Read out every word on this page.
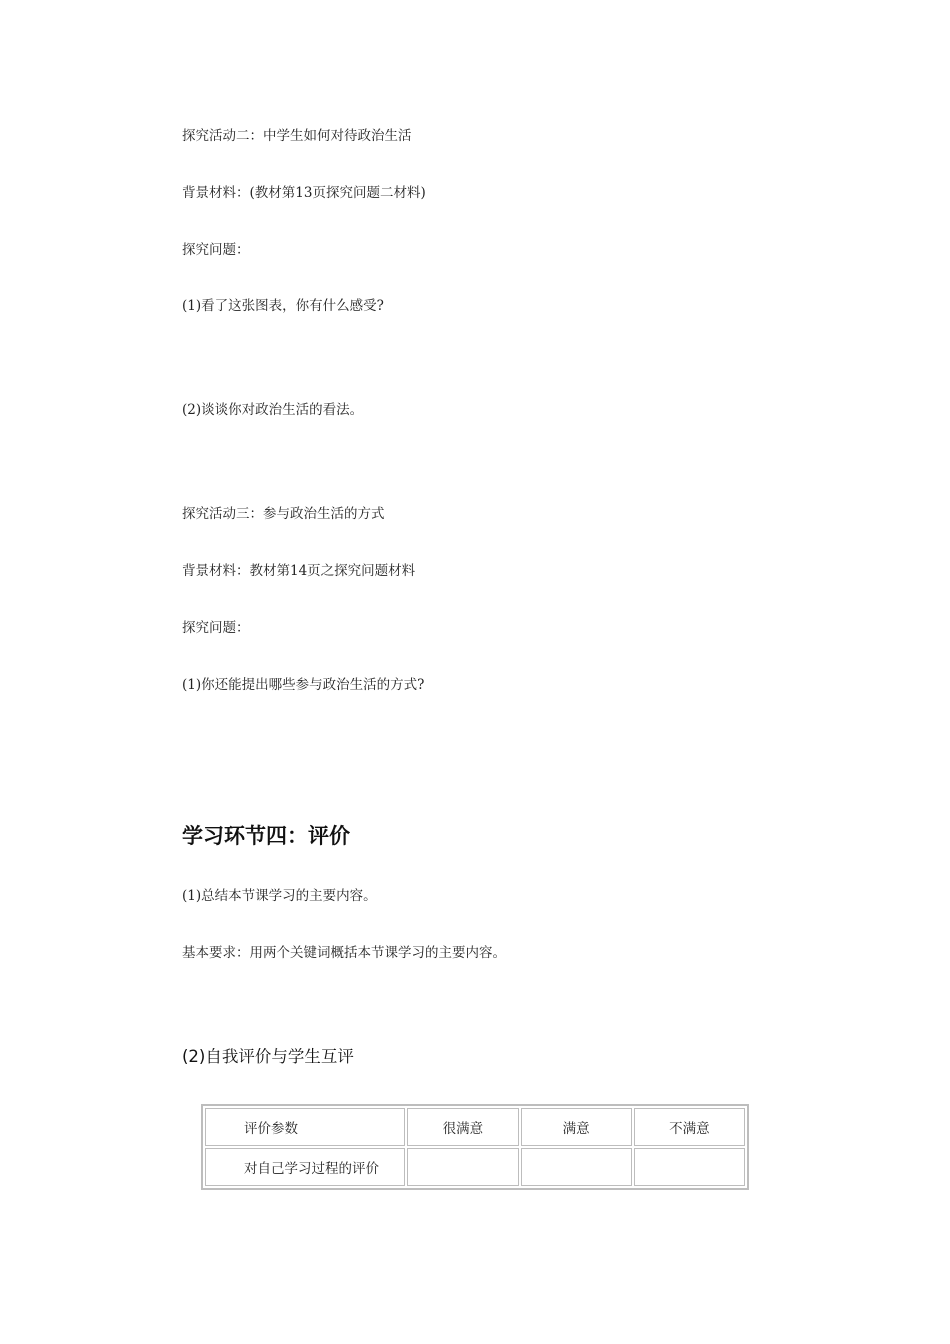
探究活动二：中学生如何对待政治生活
背景材料：(教材第13页探究问题二材料)
探究问题：
(1)看了这张图表，你有什么感受?
(2)谈谈你对政治生活的看法。
探究活动三：参与政治生活的方式
背景材料：教材第14页之探究问题材料
探究问题：
(1)你还能提出哪些参与政治生活的方式?
学习环节四：评价
(1)总结本节课学习的主要内容。
基本要求：用两个关键词概括本节课学习的主要内容。
(2)自我评价与学生互评
评价参数	很满意	满意	不满意
对自己学习过程的评价			
